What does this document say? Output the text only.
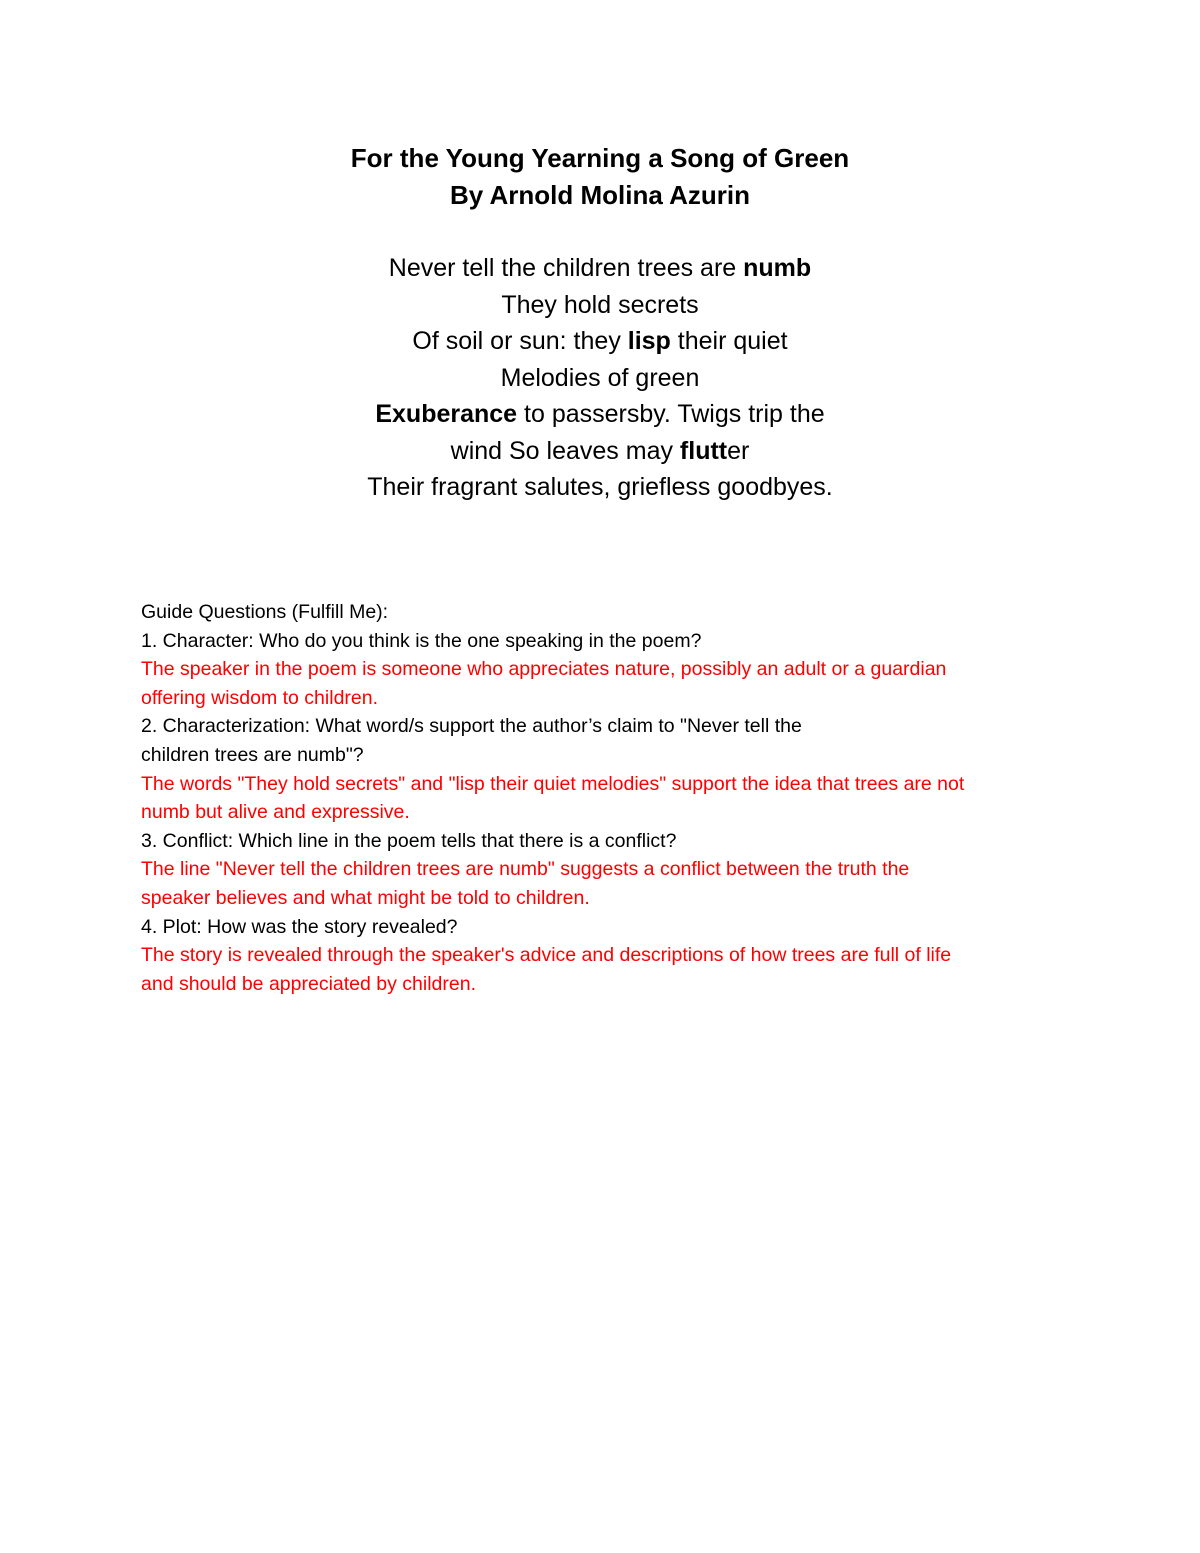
For the Young Yearning a Song of Green
By Arnold Molina Azurin
Never tell the children trees are numb
They hold secrets
Of soil or sun: they lisp their quiet
Melodies of green
Exuberance to passersby. Twigs trip the
wind So leaves may flutter
Their fragrant salutes, griefless goodbyes.
Guide Questions (Fulfill Me):
1. Character: Who do you think is the one speaking in the poem?
The speaker in the poem is someone who appreciates nature, possibly an adult or a guardian
offering wisdom to children.
2. Characterization: What word/s support the author’s claim to "Never tell the
children trees are numb"?
The words "They hold secrets" and "lisp their quiet melodies" support the idea that trees are not
numb but alive and expressive.
3. Conflict: Which line in the poem tells that there is a conflict?
The line "Never tell the children trees are numb" suggests a conflict between the truth the
speaker believes and what might be told to children.
4. Plot: How was the story revealed?
The story is revealed through the speaker's advice and descriptions of how trees are full of life
and should be appreciated by children.
